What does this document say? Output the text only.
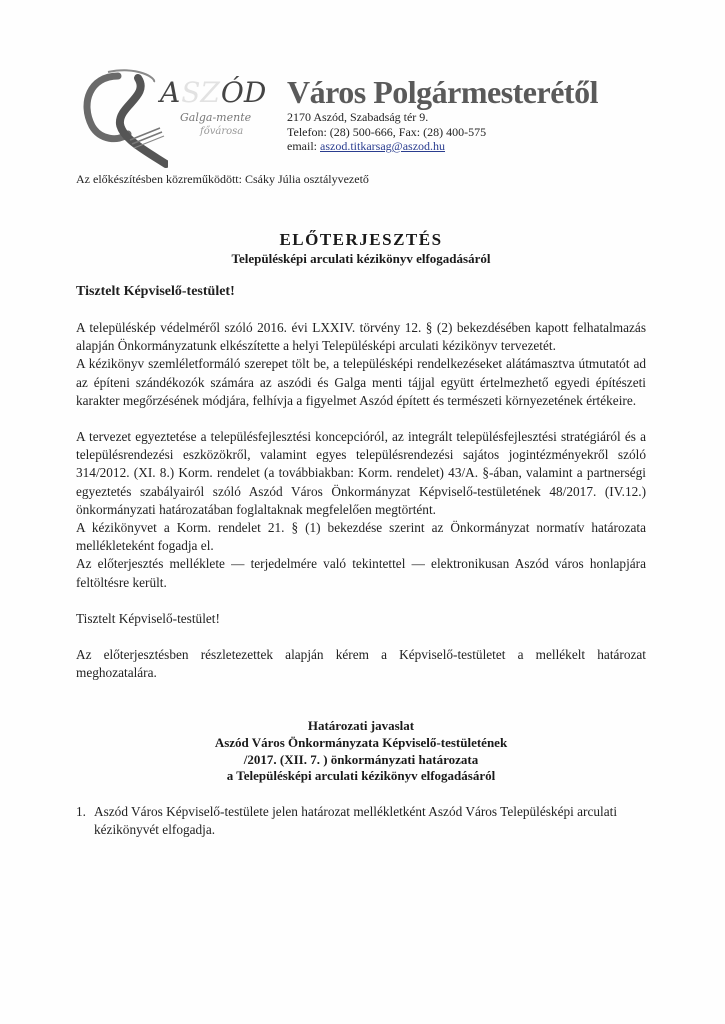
A SZ ÓD
Galga-mente
fővárosa
Város Polgármesterétől
2170 Aszód, Szabadság tér 9.
Telefon: (28) 500-666, Fax: (28) 400-575
email: aszod.titkarsag@aszod.hu
Az előkészítésben közreműködött: Csáky Júlia osztályvezető
ELŐTERJESZTÉS
Településképi arculati kézikönyv elfogadásáról
Tisztelt Képviselő-testület!

A településkép védelméről szóló 2016. évi LXXIV. törvény 12. § (2) bekezdésében kapott felhatalmazás alapján Önkormányzatunk elkészítette a helyi Településképi arculati kézikönyv tervezetét.

A kézikönyv szemléletformáló szerepet tölt be, a településképi rendelkezéseket alátámasztva útmutatót ad az építeni szándékozók számára az aszódi és Galga menti tájjal együtt értelmezhető egyedi építészeti karakter megőrzésének módjára, felhívja a figyelmet Aszód épített és természeti környezetének értékeire.

A tervezet egyeztetése a településfejlesztési koncepcióról, az integrált településfejlesztési stratégiáról és a településrendezési eszközökről, valamint egyes településrendezési sajátos jogintézményekről szóló 314/2012. (XI. 8.) Korm. rendelet (a továbbiakban: Korm. rendelet) 43/A. §-ában, valamint a partnerségi egyeztetés szabályairól szóló Aszód Város Önkormányzat Képviselő-testületének 48/2017. (IV.12.) önkormányzati határozatában foglaltaknak megfelelően megtörtént.

A kézikönyvet a Korm. rendelet 21. § (1) bekezdése szerint az Önkormányzat normatív határozata mellékleteként fogadja el.

Az előterjesztés melléklete — terjedelmére való tekintettel — elektronikusan Aszód város honlapjára feltöltésre került.

Tisztelt Képviselő-testület!

Az előterjesztésben részletezettek alapján kérem a Képviselő-testületet a mellékelt határozat meghozatalára.

Határozati javaslat
Aszód Város Önkormányzata Képviselő-testületének
/2017. (XII. 7. ) önkormányzati határozata
a Településképi arculati kézikönyv elfogadásáról
1. Aszód Város Képviselő-testülete jelen határozat mellékletként Aszód Város Településképi arculati kézikönyvét elfogadja.
